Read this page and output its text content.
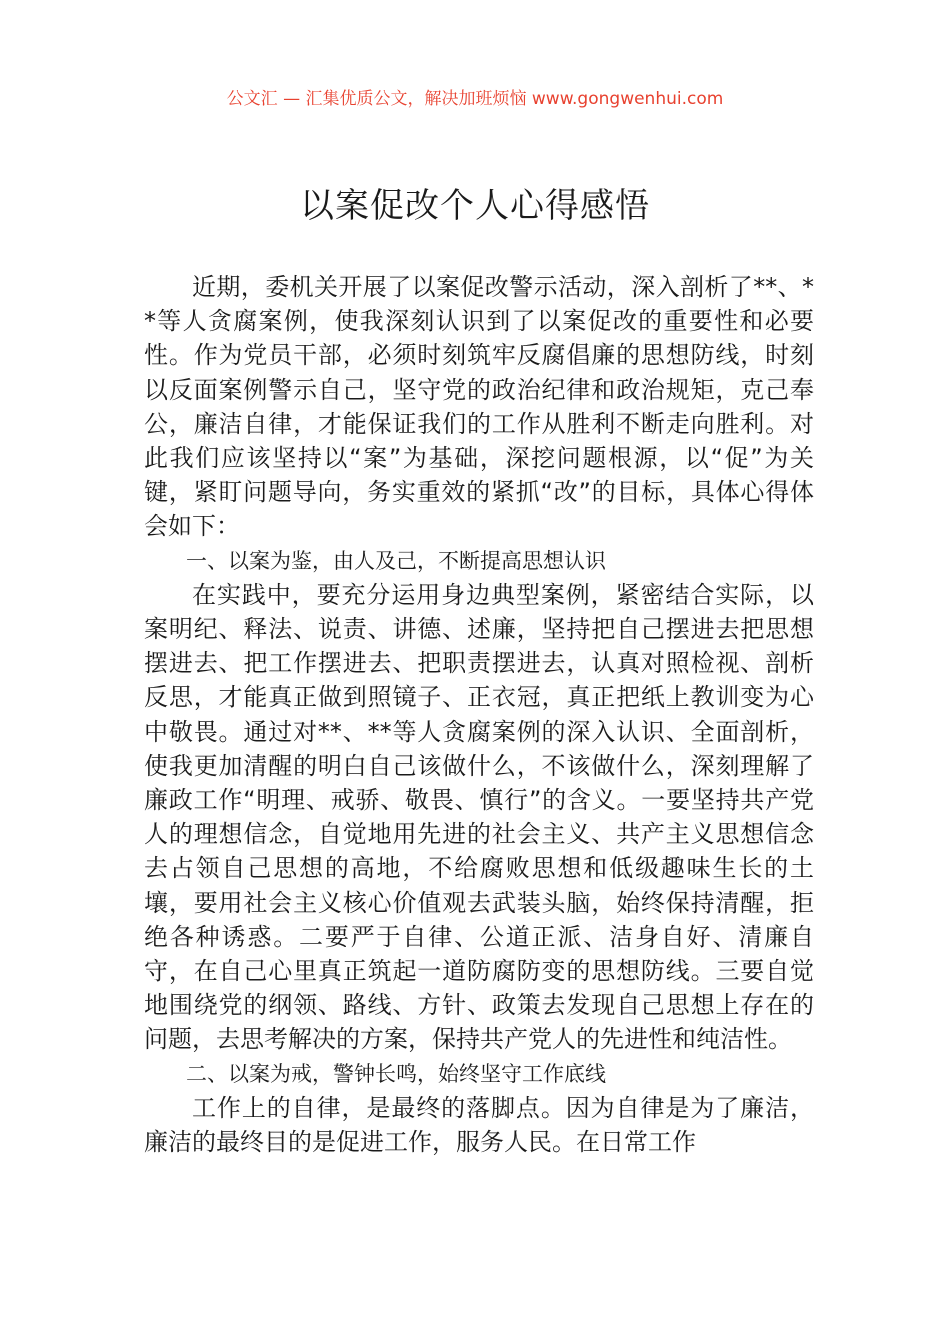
公文汇 — 汇集优质公文，解决加班烦恼 www.gongwenhui.com
以案促改个人心得感悟

近期，委机关开展了以案促改警示活动，深入剖析了**、**等人贪腐案例，使我深刻认识到了以案促改的重要性和必要性。作为党员干部，必须时刻筑牢反腐倡廉的思想防线，时刻以反面案例警示自己，坚守党的政治纪律和政治规矩，克己奉公，廉洁自律，才能保证我们的工作从胜利不断走向胜利。对此我们应该坚持以“案”为基础，深挖问题根源，以“促”为关键，紧盯问题导向，务实重效的紧抓“改”的目标，具体心得体会如下：

一、以案为鉴，由人及己，不断提高思想认识

在实践中，要充分运用身边典型案例，紧密结合实际，以案明纪、释法、说责、讲德、述廉，坚持把自己摆进去把思想摆进去、把工作摆进去、把职责摆进去，认真对照检视、剖析反思，才能真正做到照镜子、正衣冠，真正把纸上教训变为心中敬畏。通过对**、**等人贪腐案例的深入认识、全面剖析，使我更加清醒的明白自己该做什么，不该做什么，深刻理解了廉政工作“明理、戒骄、敬畏、慎行”的含义。一要坚持共产党人的理想信念，自觉地用先进的社会主义、共产主义思想信念去占领自己思想的高地，不给腐败思想和低级趣味生长的土壤，要用社会主义核心价值观去武装头脑，始终保持清醒，拒绝各种诱惑。二要严于自律、公道正派、洁身自好、清廉自守，在自己心里真正筑起一道防腐防变的思想防线。三要自觉地围绕党的纲领、路线、方针、政策去发现自己思想上存在的问题，去思考解决的方案，保持共产党人的先进性和纯洁性。

二、以案为戒，警钟长鸣，始终坚守工作底线

工作上的自律，是最终的落脚点。因为自律是为了廉洁，廉洁的最终目的是促进工作，服务人民。在日常工作
